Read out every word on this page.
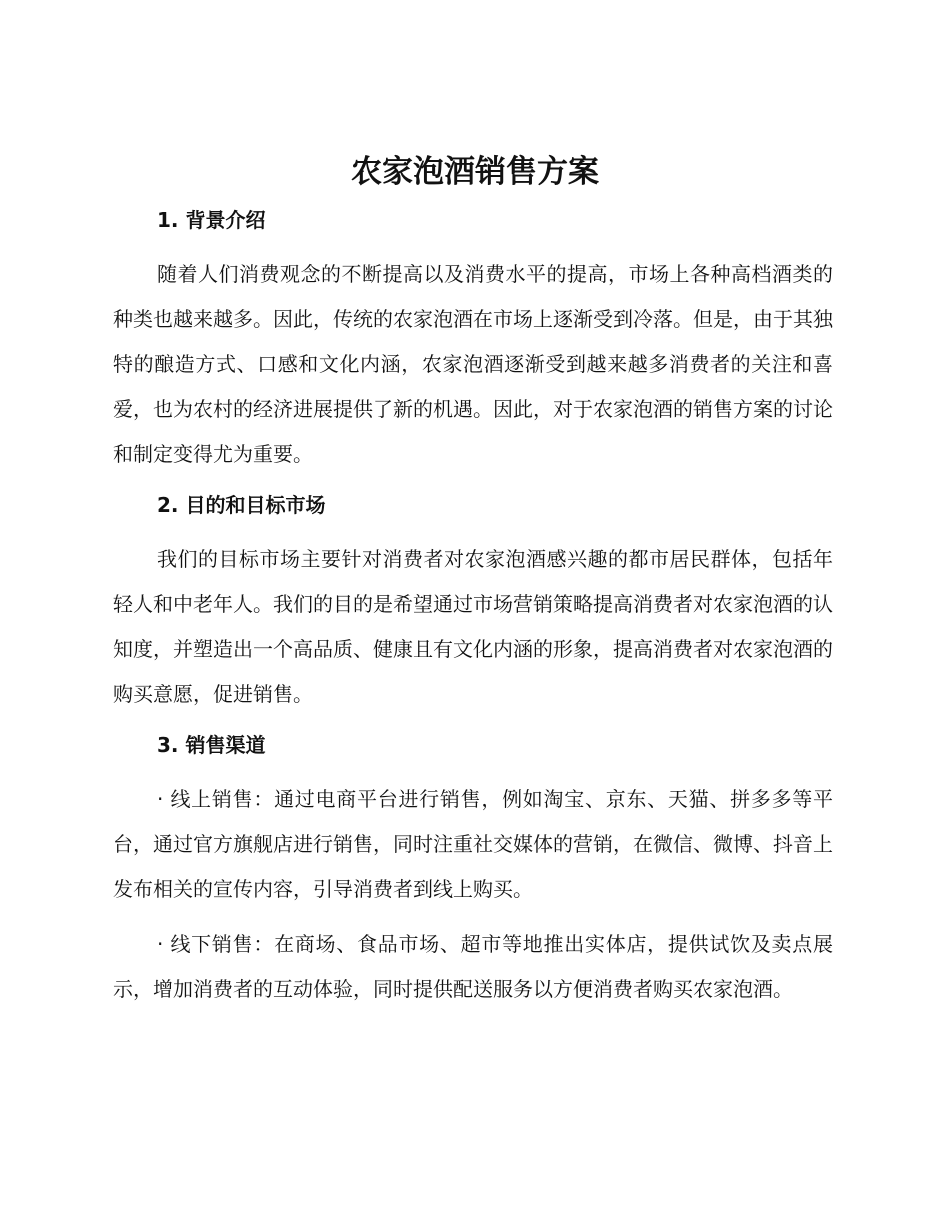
农家泡酒销售方案
1. 背景介绍

随着人们消费观念的不断提高以及消费水平的提高，市场上各种高档酒类的种类也越来越多。因此，传统的农家泡酒在市场上逐渐受到冷落。但是，由于其独特的酿造方式、口感和文化内涵，农家泡酒逐渐受到越来越多消费者的关注和喜爱，也为农村的经济进展提供了新的机遇。因此，对于农家泡酒的销售方案的讨论和制定变得尤为重要。

2. 目的和目标市场

我们的目标市场主要针对消费者对农家泡酒感兴趣的都市居民群体，包括年轻人和中老年人。我们的目的是希望通过市场营销策略提高消费者对农家泡酒的认知度，并塑造出一个高品质、健康且有文化内涵的形象，提高消费者对农家泡酒的购买意愿，促进销售。

3. 销售渠道

· 线上销售：通过电商平台进行销售，例如淘宝、京东、天猫、拼多多等平台，通过官方旗舰店进行销售，同时注重社交媒体的营销，在微信、微博、抖音上发布相关的宣传内容，引导消费者到线上购买。

· 线下销售：在商场、食品市场、超市等地推出实体店，提供试饮及卖点展示，增加消费者的互动体验，同时提供配送服务以方便消费者购买农家泡酒。
